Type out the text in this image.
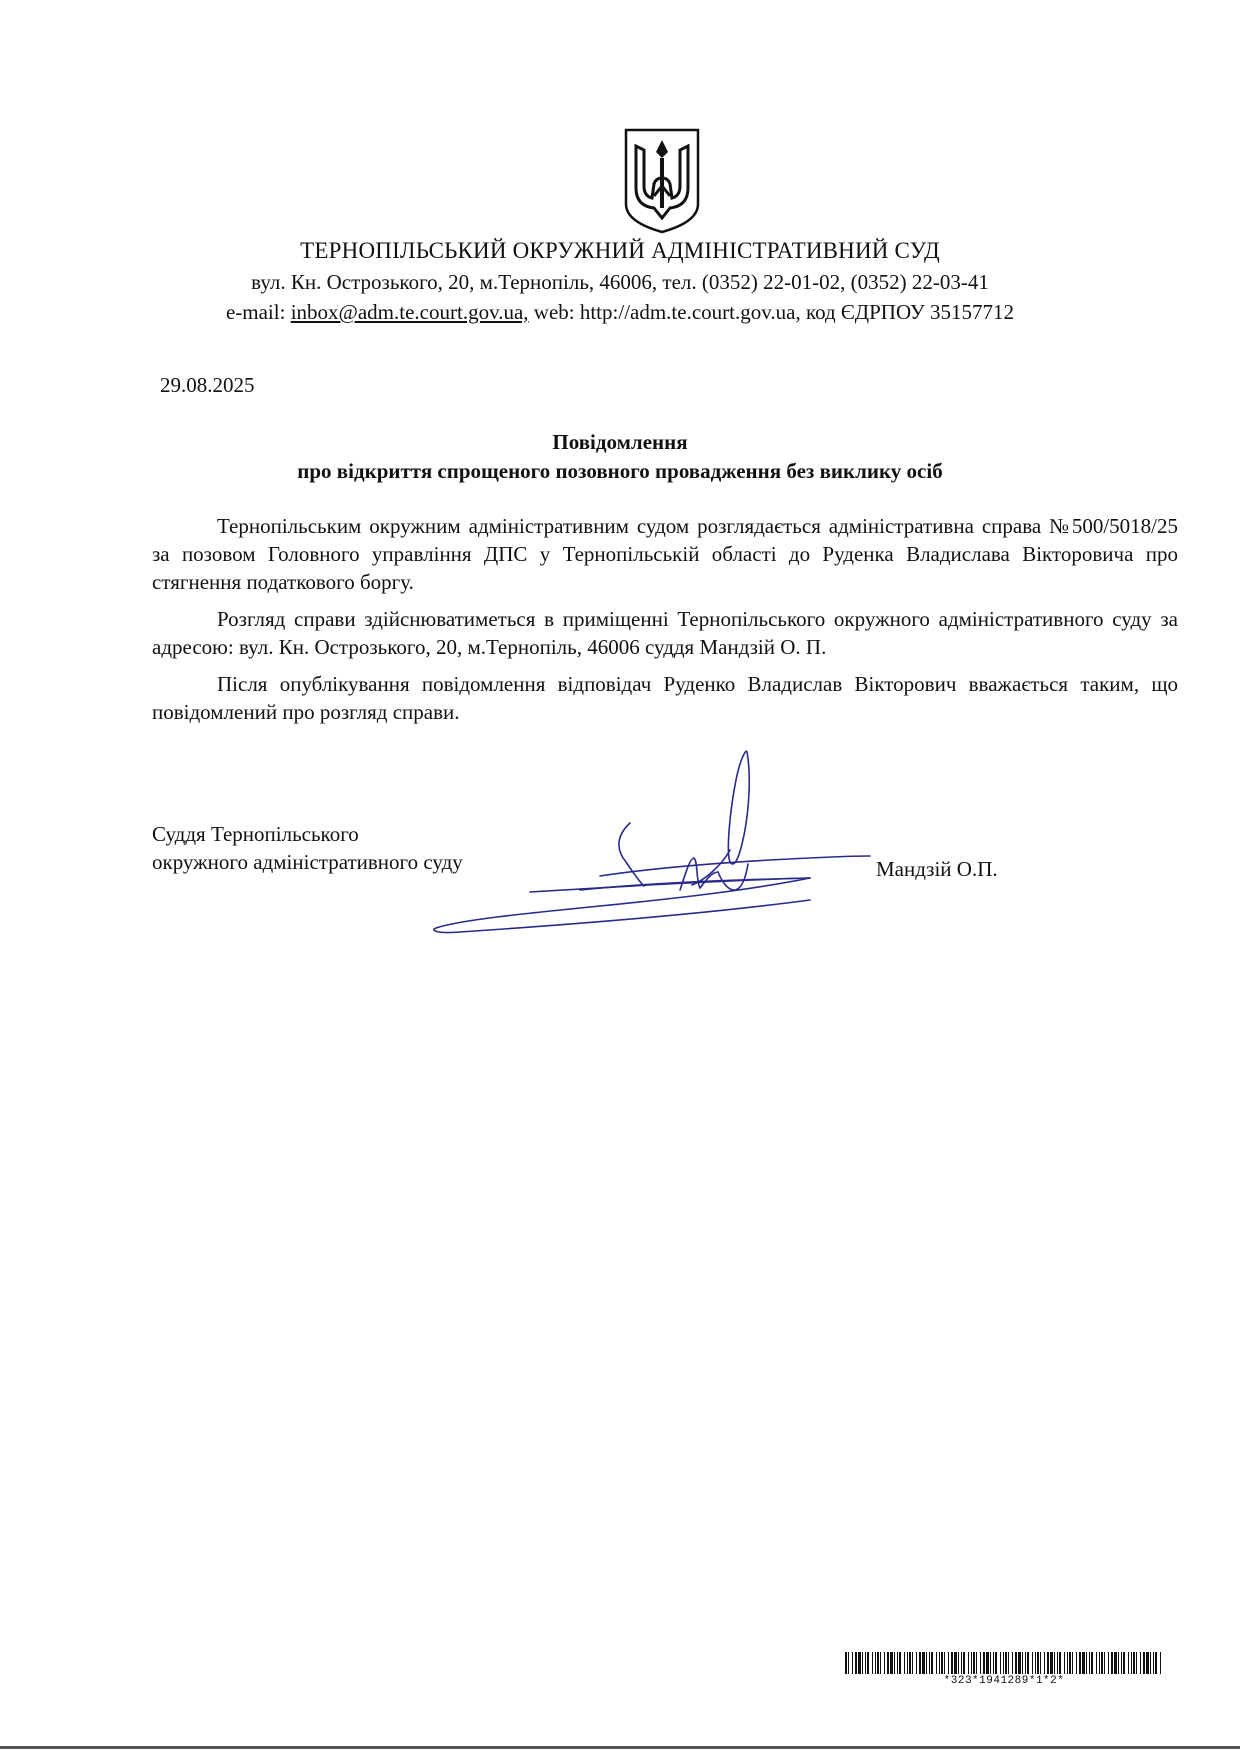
ТЕРНОПІЛЬСЬКИЙ ОКРУЖНИЙ АДМІНІСТРАТИВНИЙ СУД
вул. Кн. Острозького, 20, м.Тернопіль, 46006, тел. (0352) 22-01-02, (0352) 22-03-41
e-mail: inbox@adm.te.court.gov.ua, web: http://adm.te.court.gov.ua, код ЄДРПОУ 35157712
29.08.2025
Повідомлення
про відкриття спрощеного позовного провадження без виклику осіб

Тернопільським окружним адміністративним судом розглядається адміністративна справа №500/5018/25 за позовом Головного управління ДПС у Тернопільській області до Руденка Владислава Вікторовича про стягнення податкового боргу.

Розгляд справи здійснюватиметься в приміщенні Тернопільського окружного адміністративного суду за адресою: вул. Кн. Острозького, 20, м.Тернопіль, 46006 суддя Мандзій О. П.

Після опублікування повідомлення відповідач Руденко Владислав Вікторович вважається таким, що повідомлений про розгляд справи.

Суддя Тернопільського
окружного адміністративного суду	Мандзій О.П.
*323*1941289*1*2*
